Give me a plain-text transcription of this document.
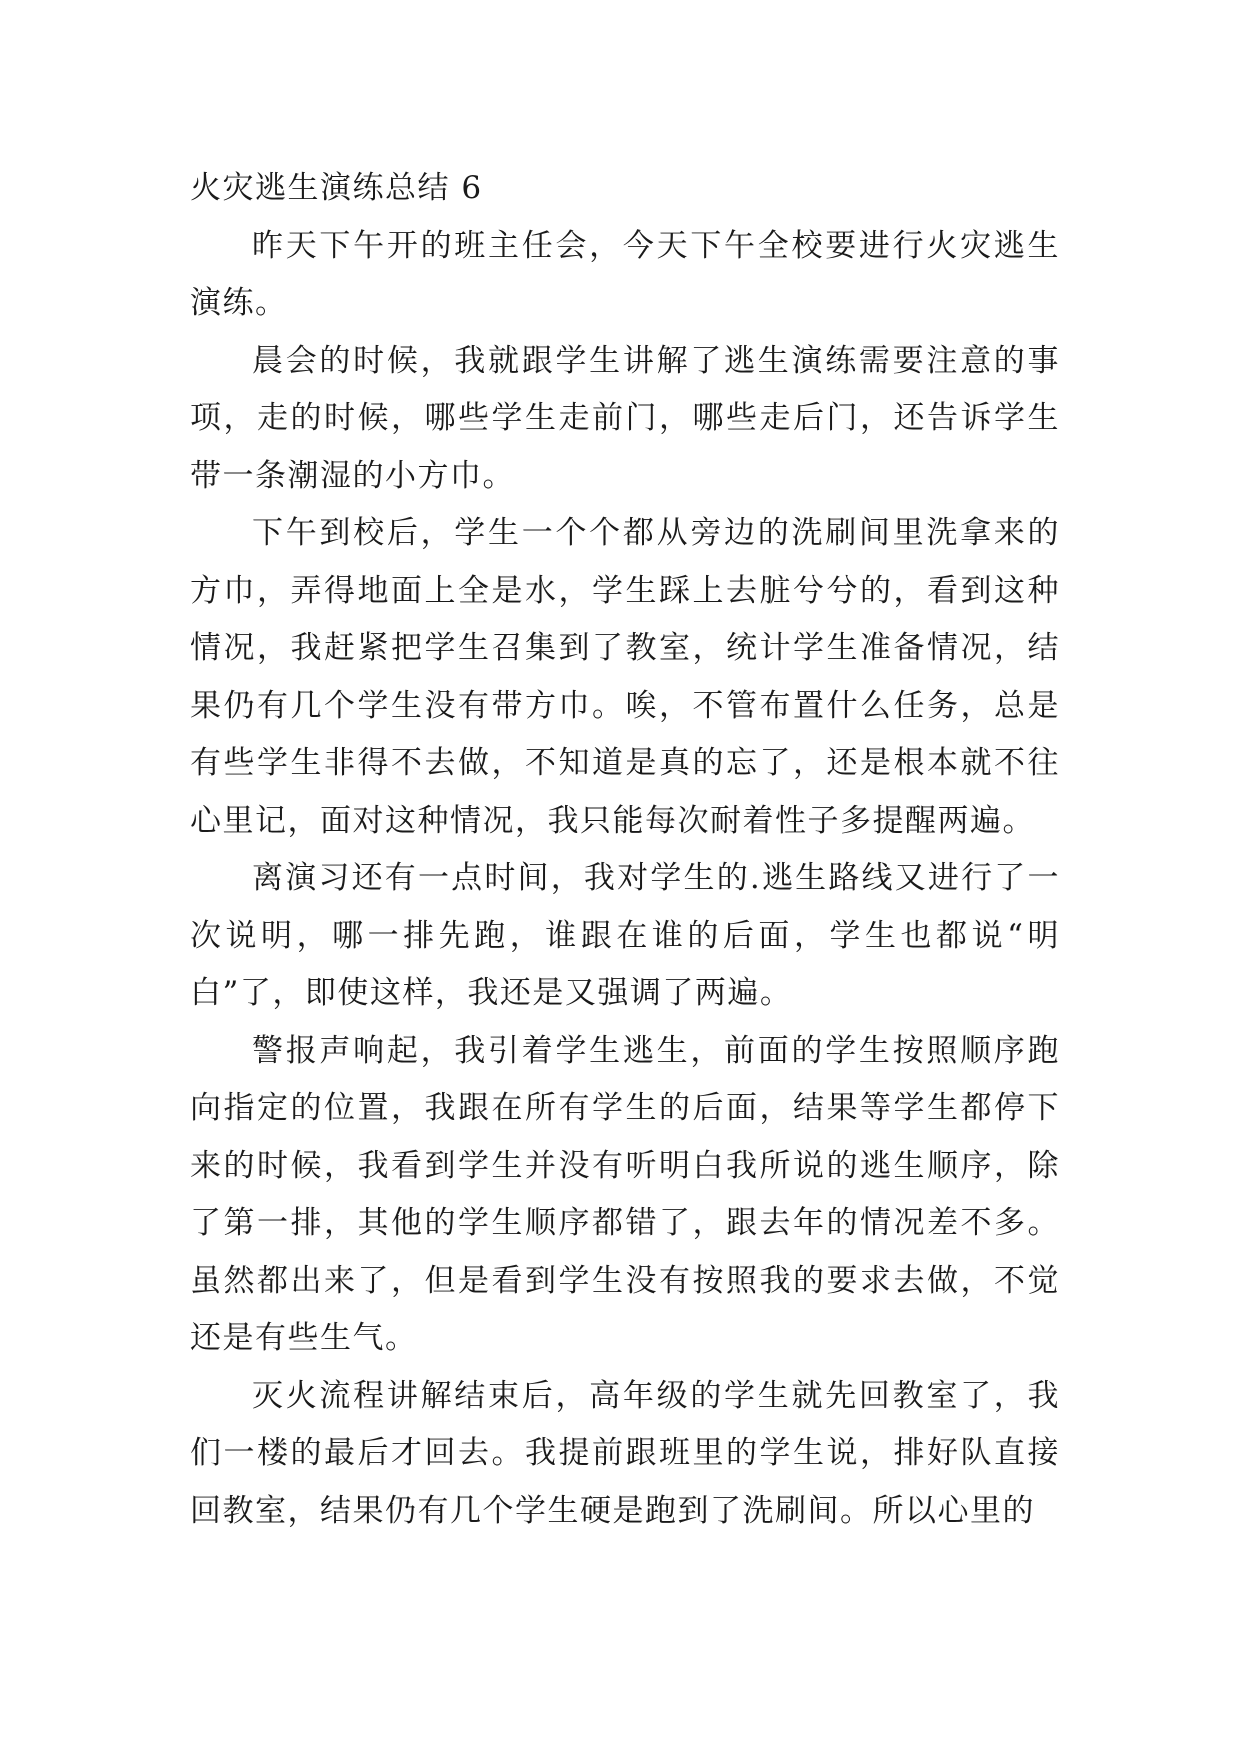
火灾逃生演练总结 6

昨天下午开的班主任会，今天下午全校要进行火灾逃生演练。

晨会的时候，我就跟学生讲解了逃生演练需要注意的事项，走的时候，哪些学生走前门，哪些走后门，还告诉学生带一条潮湿的小方巾。

下午到校后，学生一个个都从旁边的洗刷间里洗拿来的方巾，弄得地面上全是水，学生踩上去脏兮兮的，看到这种情况，我赶紧把学生召集到了教室，统计学生准备情况，结果仍有几个学生没有带方巾。唉，不管布置什么任务，总是有些学生非得不去做，不知道是真的忘了，还是根本就不往心里记，面对这种情况，我只能每次耐着性子多提醒两遍。

离演习还有一点时间，我对学生的.逃生路线又进行了一次说明，哪一排先跑，谁跟在谁的后面，学生也都说“明白”了，即使这样，我还是又强调了两遍。

警报声响起，我引着学生逃生，前面的学生按照顺序跑向指定的位置，我跟在所有学生的后面，结果等学生都停下来的时候，我看到学生并没有听明白我所说的逃生顺序，除了第一排，其他的学生顺序都错了，跟去年的情况差不多。虽然都出来了，但是看到学生没有按照我的要求去做，不觉还是有些生气。

灭火流程讲解结束后，高年级的学生就先回教室了，我们一楼的最后才回去。我提前跟班里的学生说，排好队直接回教室，结果仍有几个学生硬是跑到了洗刷间。所以心里的
